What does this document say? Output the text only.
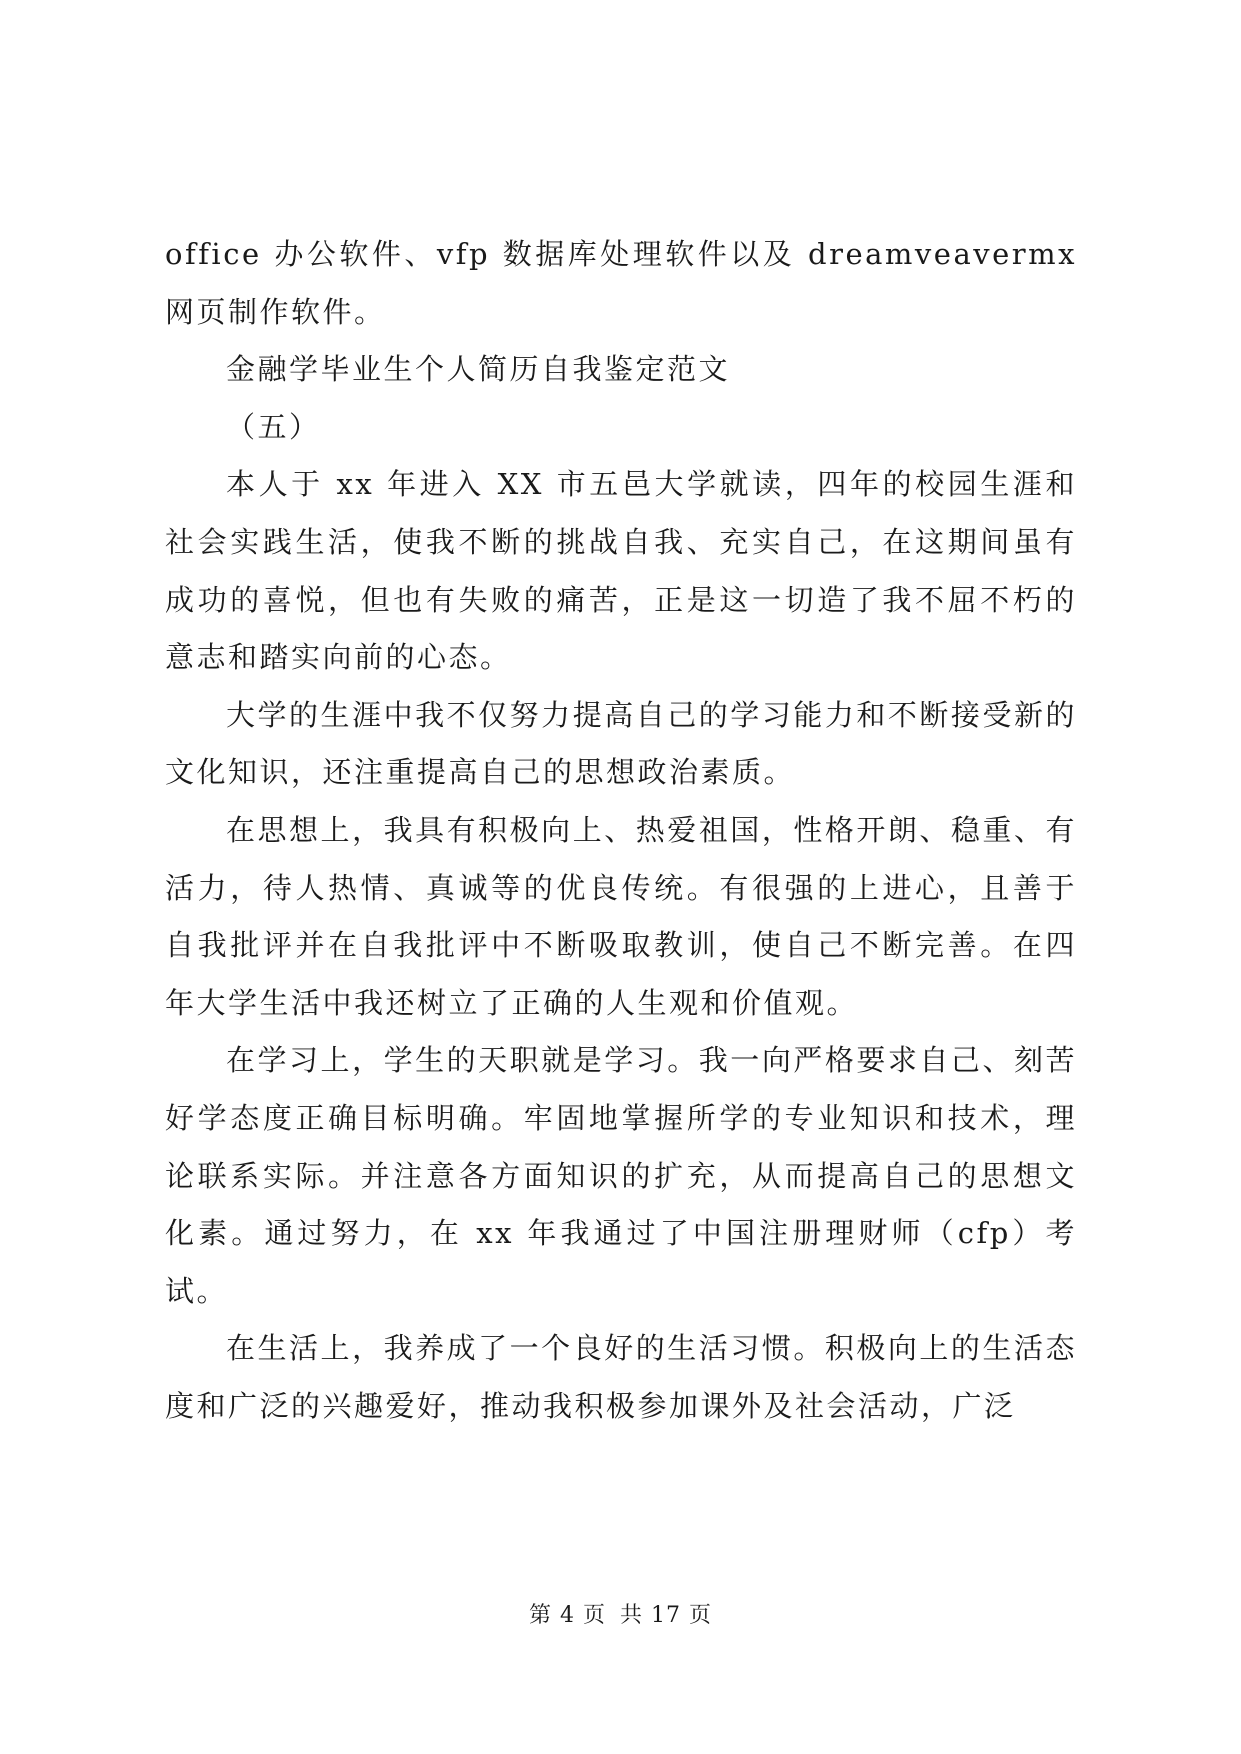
office 办公软件、vfp 数据库处理软件以及 dreamveavermx 网页制作软件。

金融学毕业生个人简历自我鉴定范文

（五）

本人于 xx 年进入 XX 市五邑大学就读，四年的校园生涯和社会实践生活，使我不断的挑战自我、充实自己，在这期间虽有成功的喜悦，但也有失败的痛苦，正是这一切造了我不屈不朽的意志和踏实向前的心态。

大学的生涯中我不仅努力提高自己的学习能力和不断接受新的文化知识，还注重提高自己的思想政治素质。

在思想上，我具有积极向上、热爱祖国，性格开朗、稳重、有活力，待人热情、真诚等的优良传统。有很强的上进心，且善于自我批评并在自我批评中不断吸取教训，使自己不断完善。在四年大学生活中我还树立了正确的人生观和价值观。

在学习上，学生的天职就是学习。我一向严格要求自己、刻苦好学态度正确目标明确。牢固地掌握所学的专业知识和技术，理论联系实际。并注意各方面知识的扩充，从而提高自己的思想文化素。通过努力，在 xx 年我通过了中国注册理财师（cfp）考试。

在生活上，我养成了一个良好的生活习惯。积极向上的生活态度和广泛的兴趣爱好，推动我积极参加课外及社会活动，广泛

第 4 页 共 17 页
